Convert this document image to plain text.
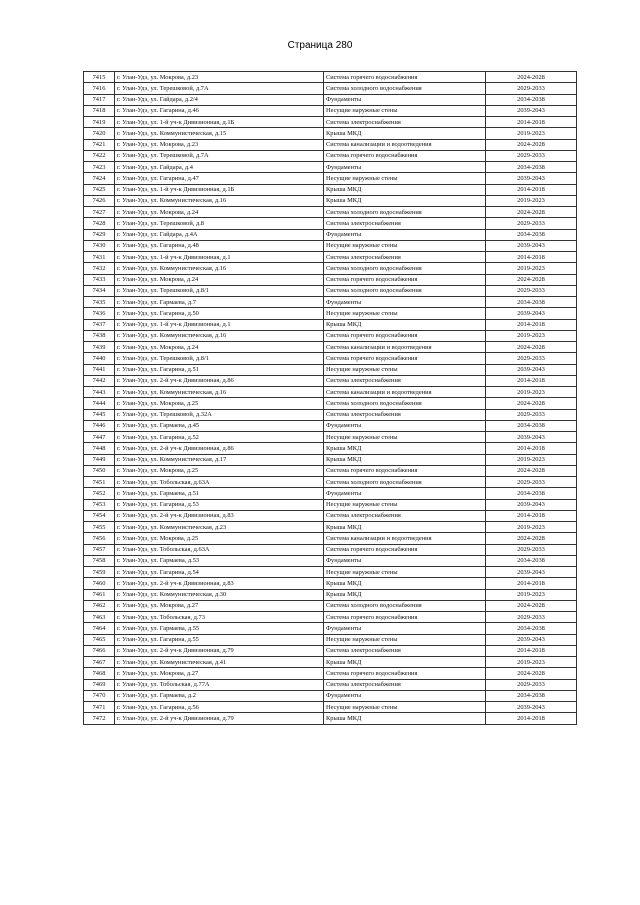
Страница 280
7415	г. Улан-Удэ, ул. Мокрова, д.23	Система горячего водоснабжения	2024-2028
7416	г. Улан-Удэ, ул. Терешковой, д.7А	Система холодного водоснабжения	2029-2033
7417	г. Улан-Удэ, ул. Гайдара, д.2/4	Фундаменты	2034-2038
7418	г. Улан-Удэ, ул. Гагарина, д.46	Несущие наружные стены	2039-2043
7419	г. Улан-Удэ, ул. 1-й уч-к Дивизионная, д.1Б	Система электроснабжения	2014-2018
7420	г. Улан-Удэ, ул. Коммунистическая, д.15	Крыша МКД	2019-2023
7421	г. Улан-Удэ, ул. Мокрова, д.23	Система канализации и водоотведения	2024-2028
7422	г. Улан-Удэ, ул. Терешковой, д.7А	Система горячего водоснабжения	2029-2033
7423	г. Улан-Удэ, ул. Гайдара, д.4	Фундаменты	2034-2038
7424	г. Улан-Удэ, ул. Гагарина, д.47	Несущие наружные стены	2039-2043
7425	г. Улан-Удэ, ул. 1-й уч-к Дивизионная, д.1Б	Крыша МКД	2014-2018
7426	г. Улан-Удэ, ул. Коммунистическая, д.16	Крыша МКД	2019-2023
7427	г. Улан-Удэ, ул. Мокрова, д.24	Система холодного водоснабжения	2024-2028
7428	г. Улан-Удэ, ул. Терешковой, д.8	Система электроснабжения	2029-2033
7429	г. Улан-Удэ, ул. Гайдара, д.4А	Фундаменты	2034-2038
7430	г. Улан-Удэ, ул. Гагарина, д.48	Несущие наружные стены	2039-2043
7431	г. Улан-Удэ, ул. 1-й уч-к Дивизионная, д.1	Система электроснабжения	2014-2018
7432	г. Улан-Удэ, ул. Коммунистическая, д.16	Система холодного водоснабжения	2019-2023
7433	г. Улан-Удэ, ул. Мокрова, д.24	Система горячего водоснабжения	2024-2028
7434	г. Улан-Удэ, ул. Терешковой, д.8/1	Система холодного водоснабжения	2029-2033
7435	г. Улан-Удэ, ул. Гармаева, д.7	Фундаменты	2034-2038
7436	г. Улан-Удэ, ул. Гагарина, д.50	Несущие наружные стены	2039-2043
7437	г. Улан-Удэ, ул. 1-й уч-к Дивизионная, д.1	Крыша МКД	2014-2018
7438	г. Улан-Удэ, ул. Коммунистическая, д.16	Система горячего водоснабжения	2019-2023
7439	г. Улан-Удэ, ул. Мокрова, д.24	Система канализации и водоотведения	2024-2028
7440	г. Улан-Удэ, ул. Терешковой, д.8/1	Система горячего водоснабжения	2029-2033
7441	г. Улан-Удэ, ул. Гагарина, д.51	Несущие наружные стены	2039-2043
7442	г. Улан-Удэ, ул. 2-й уч-к Дивизионная, д.86	Система электроснабжения	2014-2018
7443	г. Улан-Удэ, ул. Коммунистическая, д.16	Система канализации и водоотведения	2019-2023
7444	г. Улан-Удэ, ул. Мокрова, д.25	Система холодного водоснабжения	2024-2028
7445	г. Улан-Удэ, ул. Терешковой, д.32А	Система электроснабжения	2029-2033
7446	г. Улан-Удэ, ул. Гармаева, д.45	Фундаменты	2034-2038
7447	г. Улан-Удэ, ул. Гагарина, д.52	Несущие наружные стены	2039-2043
7448	г. Улан-Удэ, ул. 2-й уч-к Дивизионная, д.86	Крыша МКД	2014-2018
7449	г. Улан-Удэ, ул. Коммунистическая, д.17	Крыша МКД	2019-2023
7450	г. Улан-Удэ, ул. Мокрова, д.25	Система горячего водоснабжения	2024-2028
7451	г. Улан-Удэ, ул. Тобольская, д.63А	Система холодного водоснабжения	2029-2033
7452	г. Улан-Удэ, ул. Гармаева, д.51	Фундаменты	2034-2038
7453	г. Улан-Удэ, ул. Гагарина, д.53	Несущие наружные стены	2039-2043
7454	г. Улан-Удэ, ул. 2-й уч-к Дивизионная, д.83	Система электроснабжения	2014-2018
7455	г. Улан-Удэ, ул. Коммунистическая, д.23	Крыша МКД	2019-2023
7456	г. Улан-Удэ, ул. Мокрова, д.25	Система канализации и водоотведения	2024-2028
7457	г. Улан-Удэ, ул. Тобольская, д.63А	Система горячего водоснабжения	2029-2033
7458	г. Улан-Удэ, ул. Гармаева, д.53	Фундаменты	2034-2038
7459	г. Улан-Удэ, ул. Гагарина, д.54	Несущие наружные стены	2039-2043
7460	г. Улан-Удэ, ул. 2-й уч-к Дивизионная, д.83	Крыша МКД	2014-2018
7461	г. Улан-Удэ, ул. Коммунистическая, д.30	Крыша МКД	2019-2023
7462	г. Улан-Удэ, ул. Мокрова, д.27	Система холодного водоснабжения	2024-2028
7463	г. Улан-Удэ, ул. Тобольская, д.73	Система горячего водоснабжения	2029-2033
7464	г. Улан-Удэ, ул. Гармаева, д.55	Фундаменты	2034-2038
7465	г. Улан-Удэ, ул. Гагарина, д.55	Несущие наружные стены	2039-2043
7466	г. Улан-Удэ, ул. 2-й уч-к Дивизионная, д.79	Система электроснабжения	2014-2018
7467	г. Улан-Удэ, ул. Коммунистическая, д.41	Крыша МКД	2019-2023
7468	г. Улан-Удэ, ул. Мокрова, д.27	Система горячего водоснабжения	2024-2028
7469	г. Улан-Удэ, ул. Тобольская, д.77А	Система электроснабжения	2029-2033
7470	г. Улан-Удэ, ул. Гармаева, д.2	Фундаменты	2034-2038
7471	г. Улан-Удэ, ул. Гагарина, д.56	Несущие наружные стены	2039-2043
7472	г. Улан-Удэ, ул. 2-й уч-к Дивизионная, д.79	Крыша МКД	2014-2018
